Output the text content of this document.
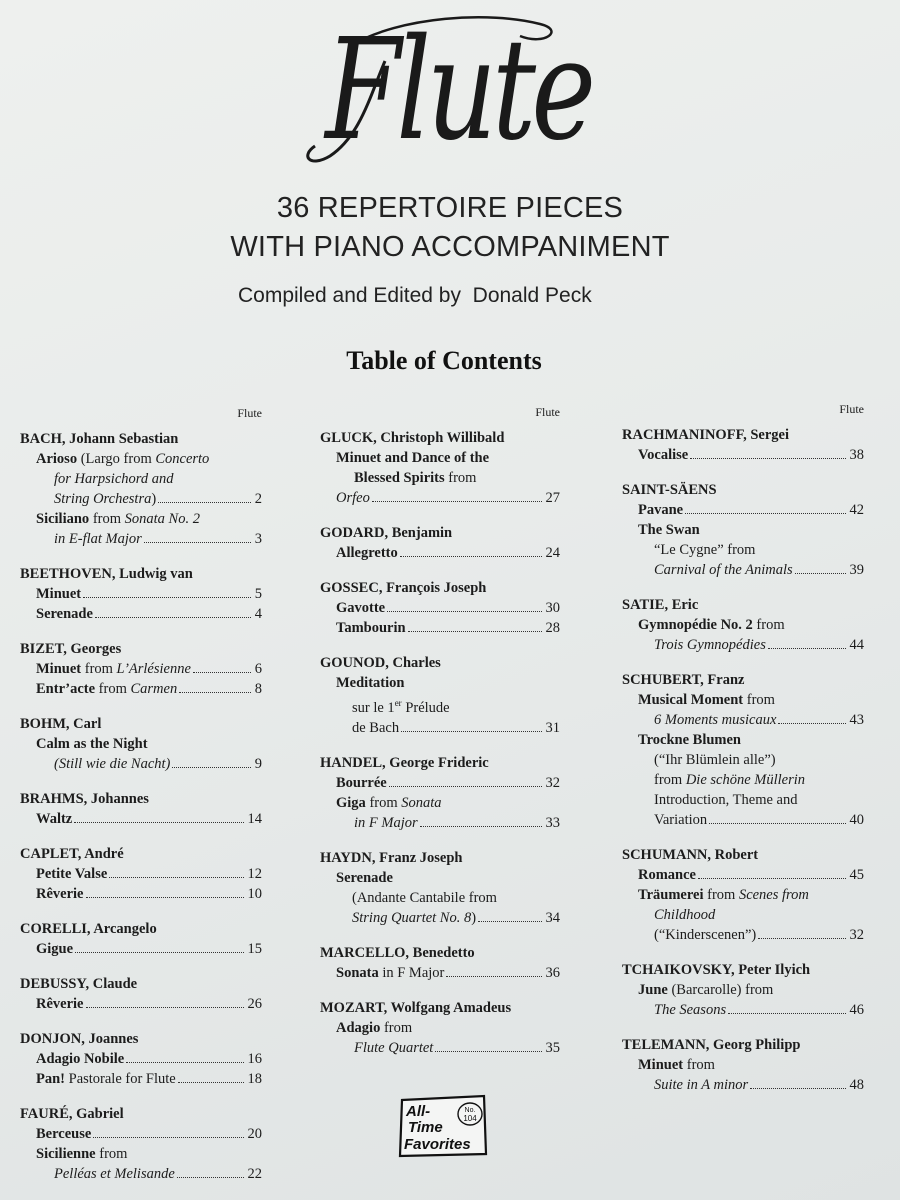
Flute
36 REPERTOIRE PIECES
WITH PIANO ACCOMPANIMENT
Compiled and Edited by Donald Peck
Table of Contents
Flute
BACH, Johann Sebastian
Arioso (Largo from Concerto
for Harpsichord and
String Orchestra)	2
Siciliano from Sonata No. 2
in E-flat Major	3
BEETHOVEN, Ludwig van
Minuet	5
Serenade	4
BIZET, Georges
Minuet from L’Arlésienne	6
Entr’acte from Carmen	8
BOHM, Carl
Calm as the Night
(Still wie die Nacht)	9
BRAHMS, Johannes
Waltz	14
CAPLET, André
Petite Valse	12
Rêverie	10
CORELLI, Arcangelo
Gigue	15
DEBUSSY, Claude
Rêverie	26
DONJON, Joannes
Adagio Nobile	16
Pan! Pastorale for Flute	18
FAURÉ, Gabriel
Berceuse	20
Sicilienne from
Pelléas et Melisande	22
Flute
GLUCK, Christoph Willibald
Minuet and Dance of the
Blessed Spirits from
Orfeo	27
GODARD, Benjamin
Allegretto	24
GOSSEC, François Joseph
Gavotte	30
Tambourin	28
GOUNOD, Charles
Meditation
sur le 1er Prélude
de Bach	31
HANDEL, George Frideric
Bourrée	32
Giga from Sonata
in F Major	33
HAYDN, Franz Joseph
Serenade
(Andante Cantabile from
String Quartet No. 8)	34
MARCELLO, Benedetto
Sonata in F Major	36
MOZART, Wolfgang Amadeus
Adagio from
Flute Quartet	35
Flute
RACHMANINOFF, Sergei
Vocalise	38
SAINT-SÄENS
Pavane	42
The Swan
“Le Cygne” from
Carnival of the Animals	39
SATIE, Eric
Gymnopédie No. 2 from
Trois Gymnopédies	44
SCHUBERT, Franz
Musical Moment from
6 Moments musicaux	43
Trockne Blumen
(“Ihr Blümlein alle”)
from Die schöne Müllerin
Introduction, Theme and
Variation	40
SCHUMANN, Robert
Romance	45
Träumerei from Scenes from
Childhood
(“Kinderscenen”)	32
TCHAIKOVSKY, Peter Ilyich
June (Barcarolle) from
The Seasons	46
TELEMANN, Georg Philipp
Minuet from
Suite in A minor	48
All-
Time
Favorites
No.
104
